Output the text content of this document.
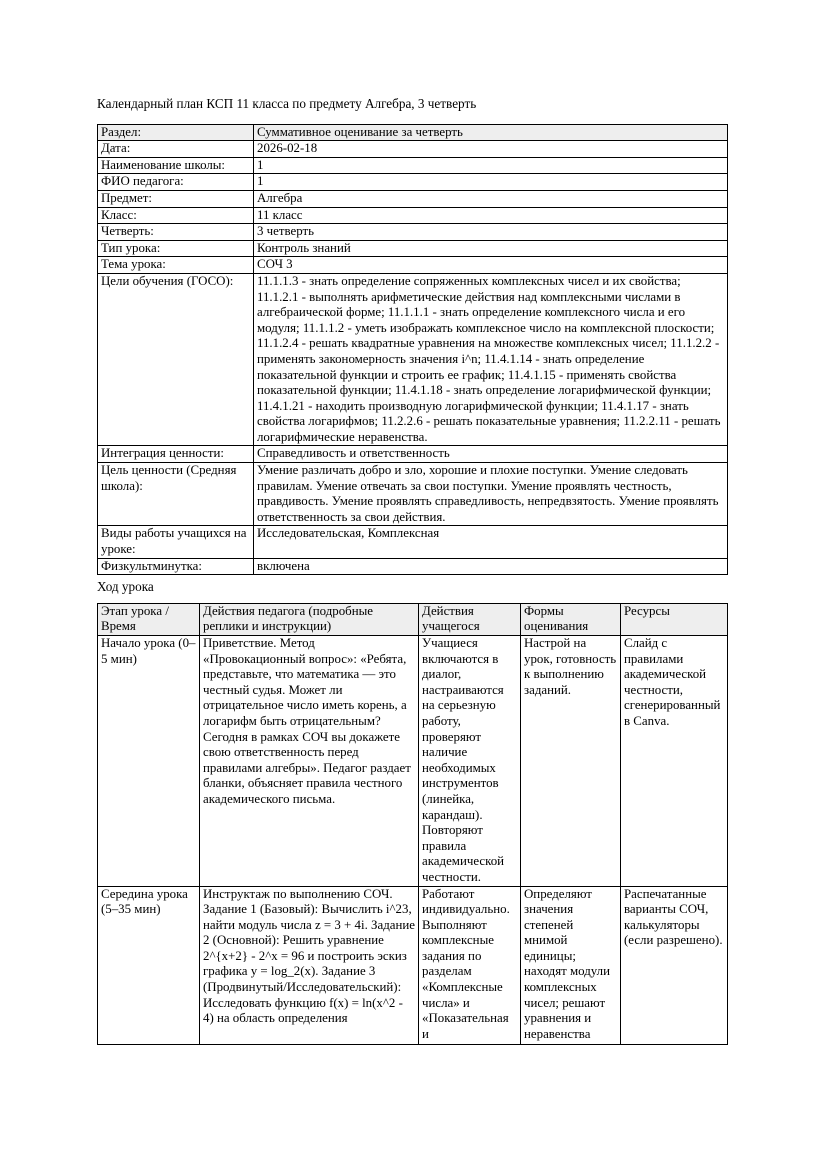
Календарный план КСП 11 класса по предмету Алгебра, 3 четверть

Раздел:	Суммативное оценивание за четверть
Дата:	2026-02-18
Наименование школы:	1
ФИО педагога:	1
Предмет:	Алгебра
Класс:	11 класс
Четверть:	3 четверть
Тип урока:	Контроль знаний
Тема урока:	СОЧ 3
Цели обучения (ГОСО):	11.1.1.3 - знать определение сопряженных комплексных чисел и их свойства; 11.1.2.1 - выполнять арифметические действия над комплексными числами в алгебраической форме; 11.1.1.1 - знать определение комплексного числа и его модуля; 11.1.1.2 - уметь изображать комплексное число на комплексной плоскости; 11.1.2.4 - решать квадратные уравнения на множестве комплексных чисел; 11.1.2.2 - применять закономерность значения i^n; 11.4.1.14 - знать определение показательной функции и строить ее график; 11.4.1.15 - применять свойства показательной функции; 11.4.1.18 - знать определение логарифмической функции; 11.4.1.21 - находить производную логарифмической функции; 11.4.1.17 - знать свойства логарифмов; 11.2.2.6 - решать показательные уравнения; 11.2.2.11 - решать логарифмические неравенства.
Интеграция ценности:	Справедливость и ответственность
Цель ценности (Средняя школа):	Умение различать добро и зло, хорошие и плохие поступки. Умение следовать правилам. Умение отвечать за свои поступки. Умение проявлять честность, правдивость. Умение проявлять справедливость, непредвзятость. Умение проявлять ответственность за свои действия.
Виды работы учащихся на уроке:	Исследовательская, Комплексная
Физкультминутка:	включена

Ход урока

Этап урока / Время	Действия педагога (подробные реплики и инструкции)	Действия учащегося	Формы оценивания	Ресурсы
Начало урока (0–5 мин)	Приветствие. Метод «Провокационный вопрос»: «Ребята, представьте, что математика — это честный судья. Может ли отрицательное число иметь корень, а логарифм быть отрицательным? Сегодня в рамках СОЧ вы докажете свою ответственность перед правилами алгебры». Педагог раздает бланки, объясняет правила честного академического письма.	Учащиеся включаются в диалог, настраиваются на серьезную работу, проверяют наличие необходимых инструментов (линейка, карандаш). Повторяют правила академической честности.	Настрой на урок, готовность к выполнению заданий.	Слайд с правилами академической честности, сгенерированный в Canva.

Середина урока (5–35 мин)	Инструктаж по выполнению СОЧ. Задание 1 (Базовый): Вычислить i^23, найти модуль числа z = 3 + 4i. Задание 2 (Основной): Решить уравнение 2^{x+2} - 2^x = 96 и построить эскиз графика y = log_2(x). Задание 3 (Продвинутый/Исследовательский): Исследовать функцию f(x) = ln(x^2 - 4) на область определения	Работают индивидуально. Выполняют комплексные задания по разделам «Комплексные числа» и «Показательная и	Определяют значения степеней мнимой единицы; находят модули комплексных чисел; решают уравнения и неравенства	Распечатанные варианты СОЧ, калькуляторы (если разрешено).
